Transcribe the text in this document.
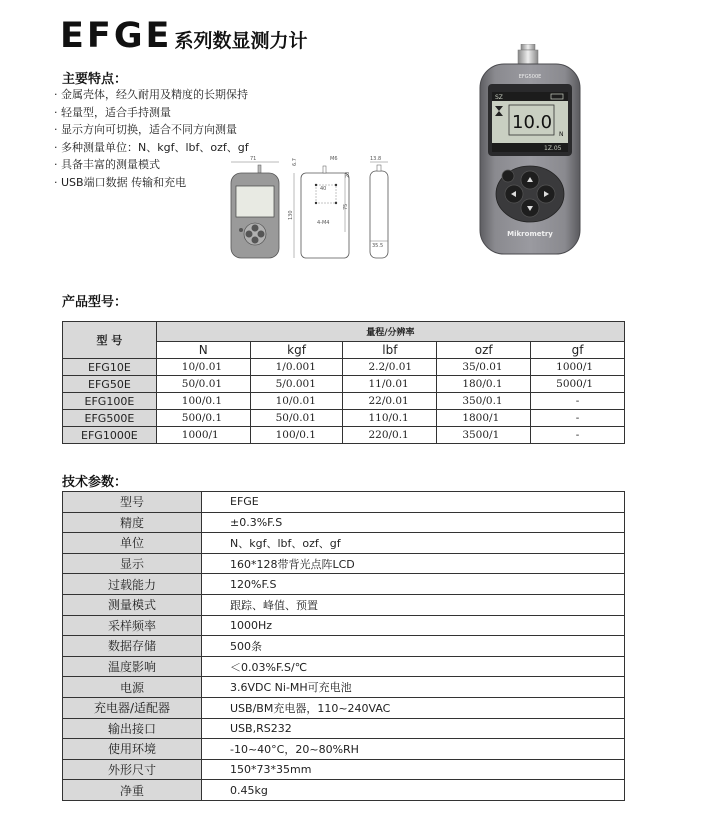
EFGE 系列数显测力计
主要特点：
· 金属壳体，经久耐用及精度的长期保持
· 轻量型，适合手持测量
· 显示方向可切换，适合不同方向测量
· 多种测量单位：N、kgf、lbf、ozf、gf
· 具备丰富的测量模式
· USB端口数据 传输和充电
71	6.7	M6
40
4-M4
75
130
20
13.8
35.5
EFG500E
SZ
10.0
N
1Z.05
Mikrometry
产品型号：
型 号	量程/分辨率				
	N	kgf	lbf	ozf	gf
EFG10E	10/0.01	1/0.001	2.2/0.01	35/0.01	1000/1
EFG50E	50/0.01	5/0.001	11/0.01	180/0.1	5000/1
EFG100E	100/0.1	10/0.01	22/0.01	350/0.1	-
EFG500E	500/0.1	50/0.01	110/0.1	1800/1	-
EFG1000E	1000/1	100/0.1	220/0.1	3500/1	-
技术参数：
型号	EFGE
精度	±0.3%F.S
单位	N、kgf、lbf、ozf、gf
显示	160*128带背光点阵LCD
过载能力	120%F.S
测量模式	跟踪、峰值、预置
采样频率	1000Hz
数据存储	500条
温度影响	＜0.03%F.S/℃
电源	3.6VDC Ni-MH可充电池
充电器/适配器	USB/BM充电器，110~240VAC
输出接口	USB,RS232
使用环境	-10~40°C，20~80%RH
外形尺寸	150*73*35mm
净重	0.45kg
